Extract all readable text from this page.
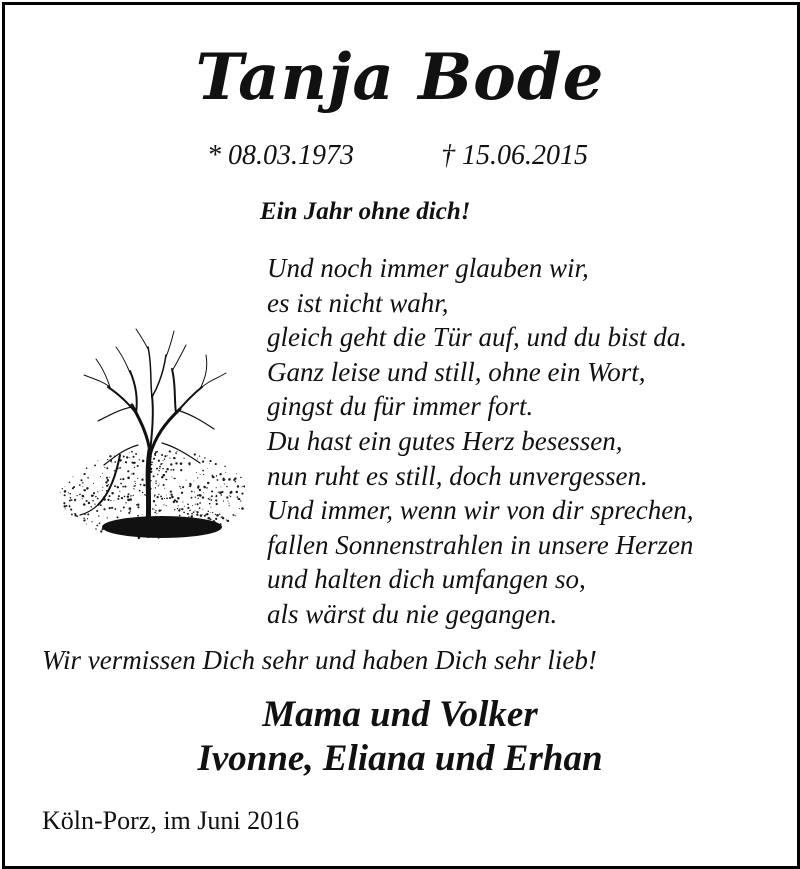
Tanja Bode
* 08.03.1973	† 15.06.2015
Ein Jahr ohne dich!
Und noch immer glauben wir,
es ist nicht wahr,
gleich geht die Tür auf, und du bist da.
Ganz leise und still, ohne ein Wort,
gingst du für immer fort.
Du hast ein gutes Herz besessen,
nun ruht es still, doch unvergessen.
Und immer, wenn wir von dir sprechen,
fallen Sonnenstrahlen in unsere Herzen
und halten dich umfangen so,
als wärst du nie gegangen.
Wir vermissen Dich sehr und haben Dich sehr lieb!
Mama und Volker
Ivonne, Eliana und Erhan
Köln-Porz, im Juni 2016
